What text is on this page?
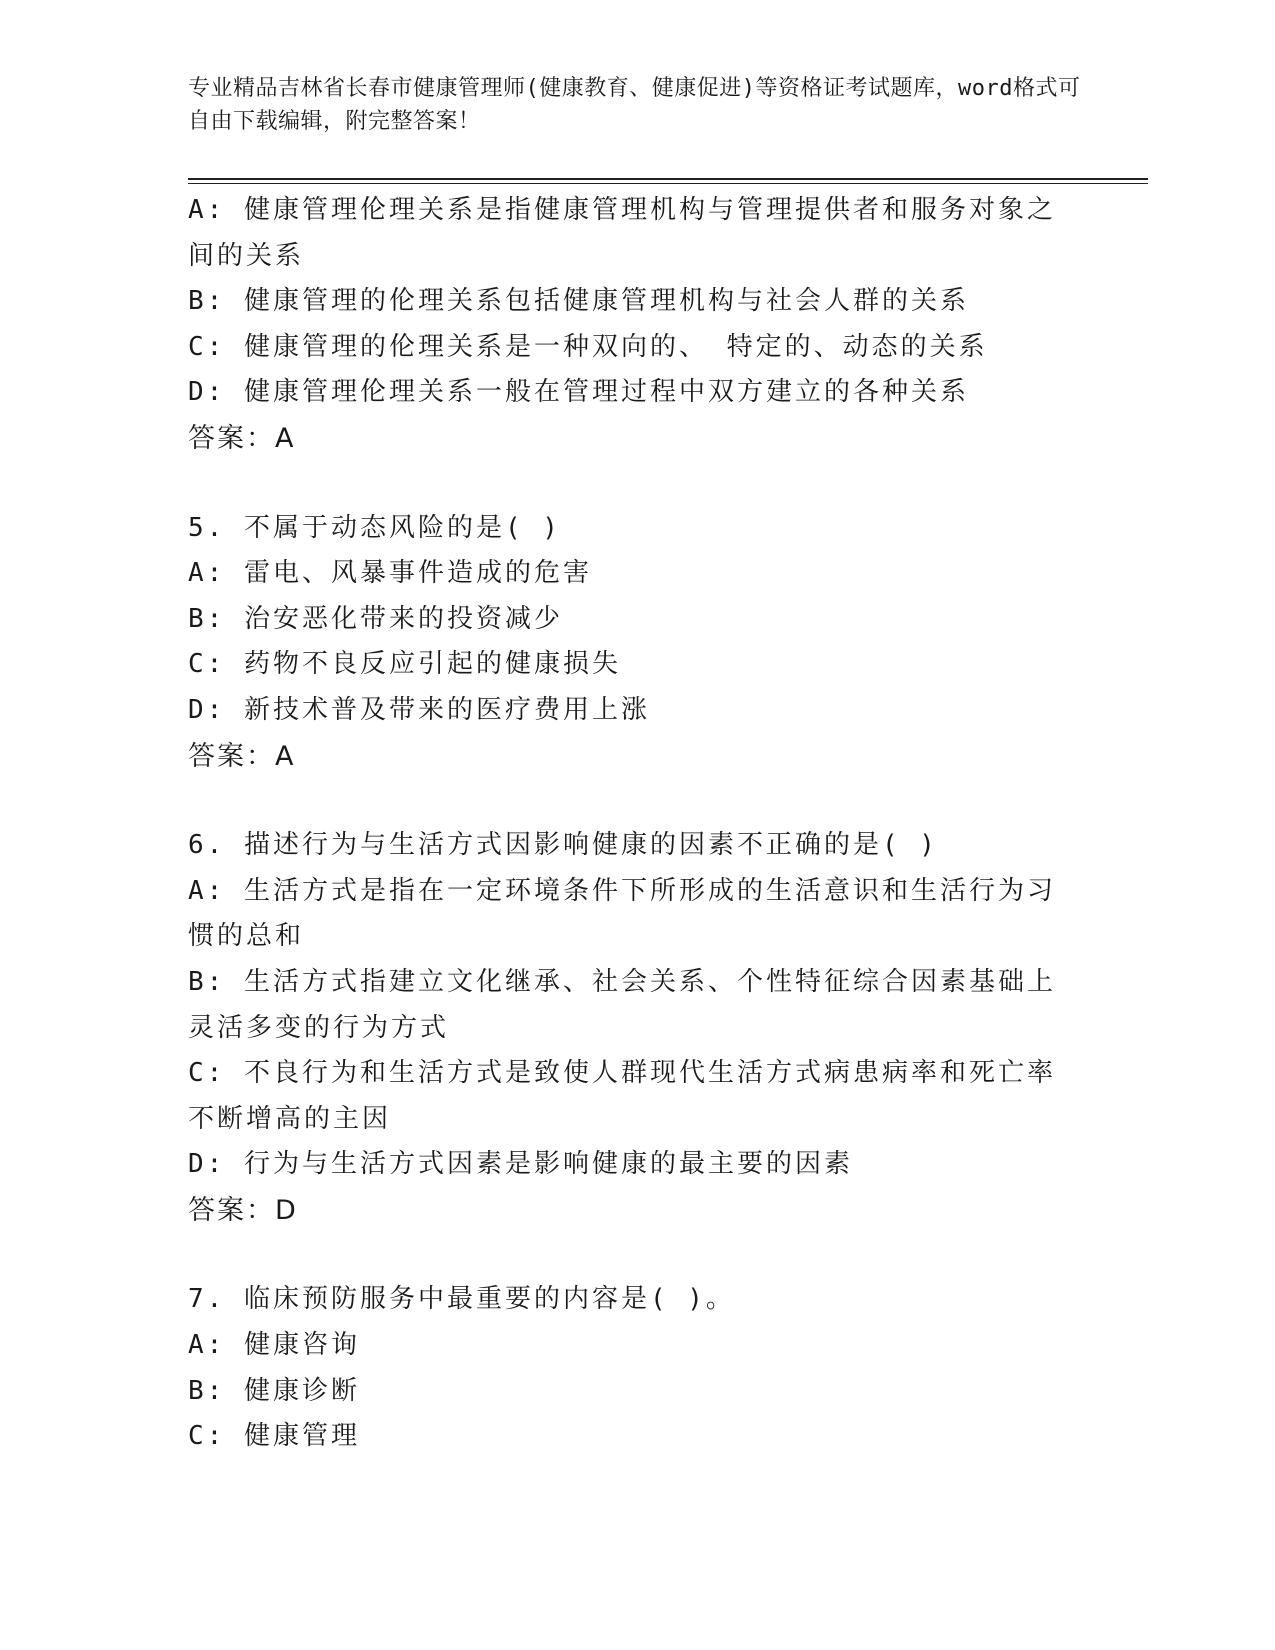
专业精品吉林省长春市健康管理师(健康教育、健康促进)等资格证考试题库，word格式可自由下载编辑，附完整答案！

A: 健康管理伦理关系是指健康管理机构与管理提供者和服务对象之间的关系

B: 健康管理的伦理关系包括健康管理机构与社会人群的关系

C: 健康管理的伦理关系是一种双向的、 特定的、动态的关系

D: 健康管理伦理关系一般在管理过程中双方建立的各种关系

答案：A

5. 不属于动态风险的是( )

A: 雷电、风暴事件造成的危害

B: 治安恶化带来的投资减少

C: 药物不良反应引起的健康损失

D: 新技术普及带来的医疗费用上涨

答案：A

6. 描述行为与生活方式因影响健康的因素不正确的是( )

A: 生活方式是指在一定环境条件下所形成的生活意识和生活行为习惯的总和

B: 生活方式指建立文化继承、社会关系、个性特征综合因素基础上灵活多变的行为方式

C: 不良行为和生活方式是致使人群现代生活方式病患病率和死亡率不断增高的主因

D: 行为与生活方式因素是影响健康的最主要的因素

答案：D

7. 临床预防服务中最重要的内容是( )。

A: 健康咨询

B: 健康诊断

C: 健康管理
